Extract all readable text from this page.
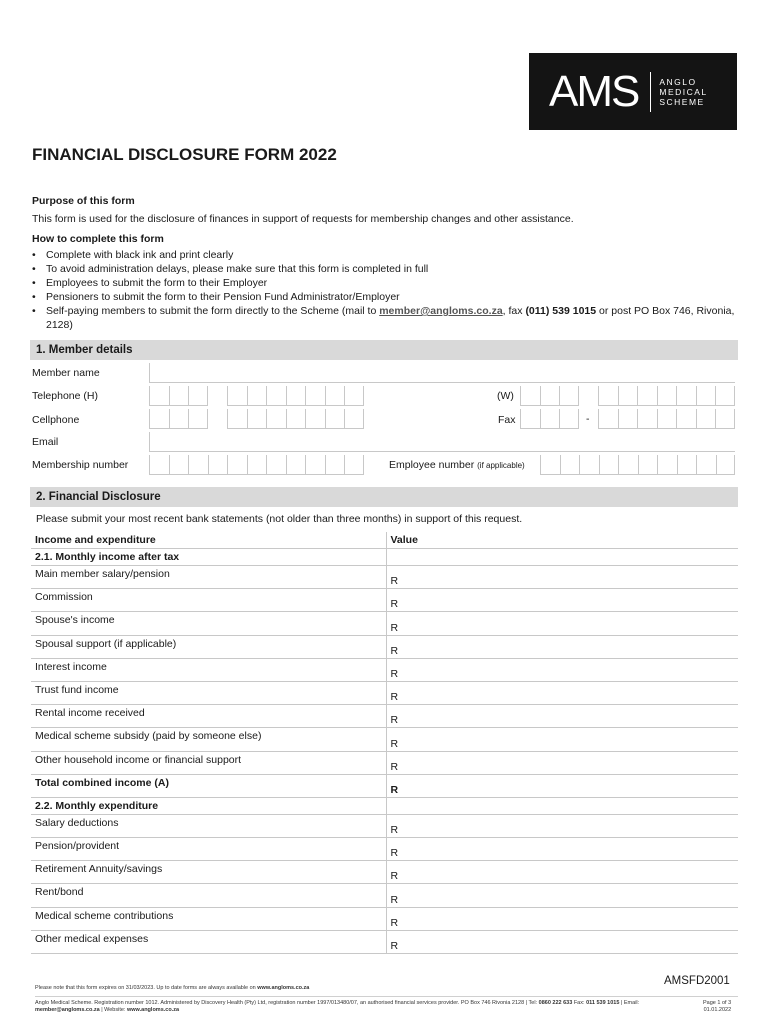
AMS ANGLO
MEDICAL
SCHEME
FINANCIAL DISCLOSURE FORM 2022
Purpose of this form
This form is used for the disclosure of finances in support of requests for membership changes and other assistance.
How to complete this form
• Complete with black ink and print clearly
• To avoid administration delays, please make sure that this form is completed in full
• Employees to submit the form to their Employer
• Pensioners to submit the form to their Pension Fund Administrator/Employer
• Self-paying members to submit the form directly to the Scheme (mail to member@angloms.co.za, fax (011) 539 1015 or post PO Box 746, Rivonia, 2128)
1. Member details
Member name
Telephone (H)	(W)
Cellphone	Fax	-
Email
Membership number	Employee number (if applicable)
2. Financial Disclosure
Please submit your most recent bank statements (not older than three months) in support of this request.
Income and expenditure	Value
2.1. Monthly income after tax	
Main member salary/pension	R
Commission	R
Spouse's income	R
Spousal support (if applicable)	R
Interest income	R
Trust fund income	R
Rental income received	R
Medical scheme subsidy (paid by someone else)	R
Other household income or financial support	R
Total combined income (A)	R
2.2. Monthly expenditure	
Salary deductions	R
Pension/provident	R
Retirement Annuity/savings	R
Rent/bond	R
Medical scheme contributions	R
Other medical expenses	R
AMSFD2001
Please note that this form expires on 31/03/2023. Up to date forms are always available on www.angloms.co.za
Anglo Medical Scheme. Registration number 1012. Administered by Discovery Health (Pty) Ltd, registration number 1997/013480/07, an authorised financial services provider. PO Box 746 Rivonia 2128 | Tel: 0860 222 633 Fax: 011 539 1015 | Email: member@angloms.co.za | Website: www.angloms.co.za
Page 1 of 3
01.01.2022
